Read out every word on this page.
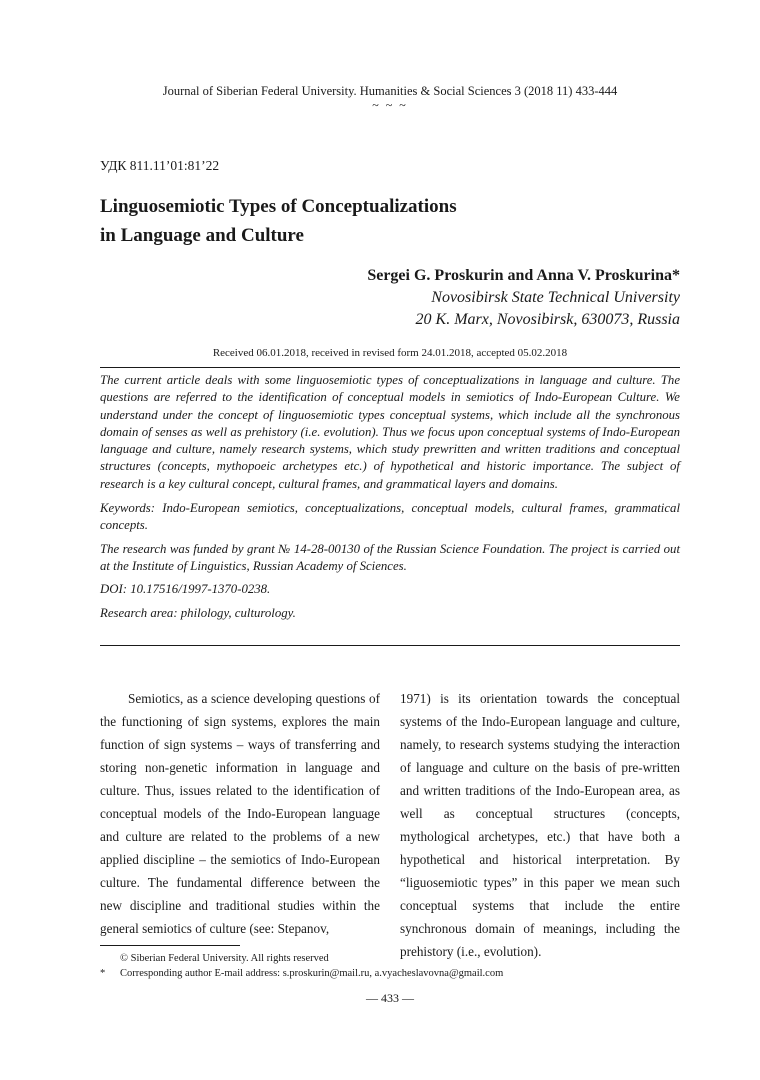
Journal of Siberian Federal University. Humanities & Social Sciences 3 (2018 11) 433-444
~ ~ ~
УДК 811.11’01:81’22
Linguosemiotic Types of Conceptualizations
in Language and Culture
Sergei G. Proskurin and Anna V. Proskurina*
Novosibirsk State Technical University
20 K. Marx, Novosibirsk, 630073, Russia
Received 06.01.2018, received in revised form 24.01.2018, accepted 05.02.2018

The current article deals with some linguosemiotic types of conceptualizations in language and culture. The questions are referred to the identification of conceptual models in semiotics of Indo-European Culture. We understand under the concept of linguosemiotic types conceptual systems, which include all the synchronous domain of senses as well as prehistory (i.e. evolution). Thus we focus upon conceptual systems of Indo-European language and culture, namely research systems, which study prewritten and written traditions and conceptual structures (concepts, mythopoeic archetypes etc.) of hypothetical and historic importance. The subject of research is a key cultural concept, cultural frames, and grammatical layers and domains.

Keywords: Indo-European semiotics, conceptualizations, conceptual models, cultural frames, grammatical concepts.

The research was funded by grant № 14-28-00130 of the Russian Science Foundation. The project is carried out at the Institute of Linguistics, Russian Academy of Sciences.

DOI: 10.17516/1997-1370-0238.

Research area: philology, culturology.

Semiotics, as a science developing questions of the functioning of sign systems, explores the main function of sign systems – ways of transferring and storing non-genetic information in language and culture. Thus, issues related to the identification of conceptual models of the Indo-European language and culture are related to the problems of a new applied discipline – the semiotics of Indo-European culture. The fundamental difference between the new discipline and traditional studies within the general semiotics of culture (see: Stepanov,

1971) is its orientation towards the conceptual systems of the Indo-European language and culture, namely, to research systems studying the interaction of language and culture on the basis of pre-written and written traditions of the Indo-European area, as well as conceptual structures (concepts, mythological archetypes, etc.) that have both a hypothetical and historical interpretation. By “liguosemiotic types” in this paper we mean such conceptual systems that include the entire synchronous domain of meanings, including the prehistory (i.e., evolution).

© Siberian Federal University. All rights reserved
*	Corresponding author E-mail address: s.proskurin@mail.ru, a.vyacheslavovna@gmail.com
— 433 —
